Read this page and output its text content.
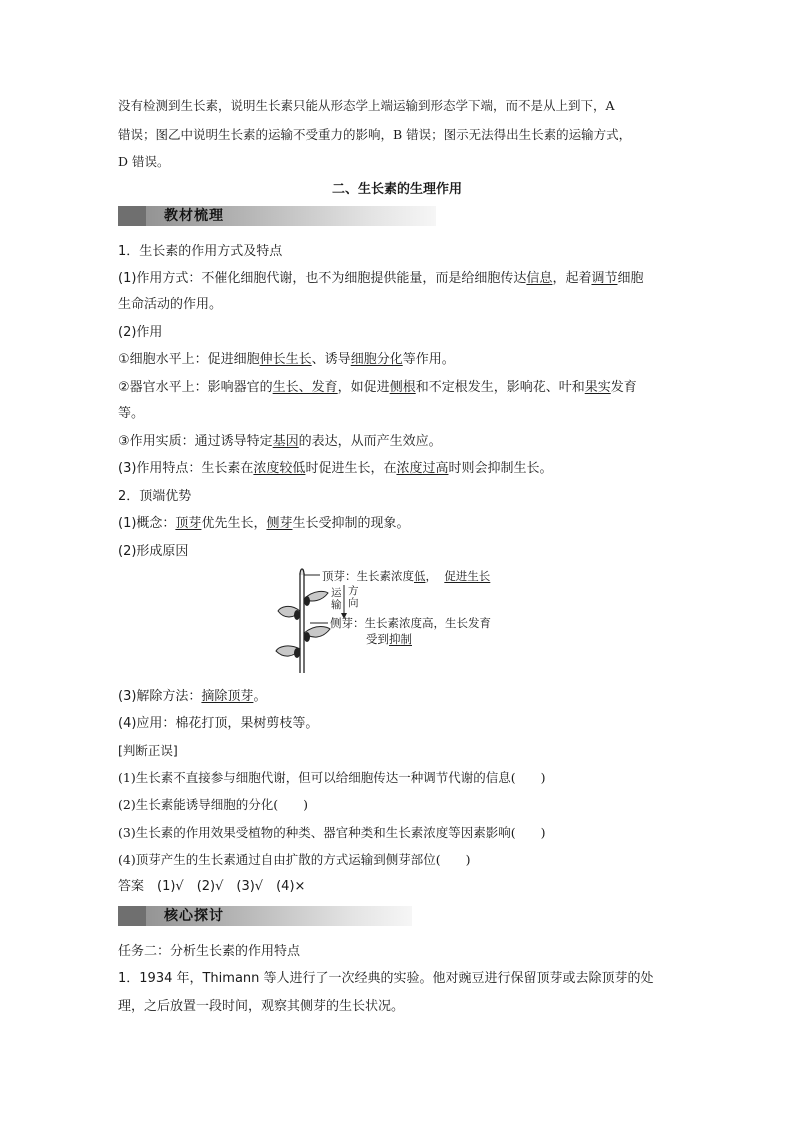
没有检测到生长素，说明生长素只能从形态学上端运输到形态学下端，而不是从上到下，A
错误；图乙中说明生长素的运输不受重力的影响，B 错误；图示无法得出生长素的运输方式，
D 错误。
二、生长素的生理作用
教材梳理
1．生长素的作用方式及特点
(1)作用方式：不催化细胞代谢，也不为细胞提供能量，而是给细胞传达信息，起着调节细胞
生命活动的作用。
(2)作用
①细胞水平上：促进细胞伸长生长、诱导细胞分化等作用。
②器官水平上：影响器官的生长、发育，如促进侧根和不定根发生，影响花、叶和果实发育
等。
③作用实质：通过诱导特定基因的表达，从而产生效应。
(3)作用特点：生长素在浓度较低时促进生长，在浓度过高时则会抑制生长。
2．顶端优势
(1)概念：顶芽优先生长，侧芽生长受抑制的现象。
(2)形成原因
顶芽：生长素浓度低， 促进生长
运输
方向
侧芽：生长素浓度高，生长发育
受到抑制
(3)解除方法：摘除顶芽。
(4)应用：棉花打顶，果树剪枝等。
[判断正误]
(1)生长素不直接参与细胞代谢，但可以给细胞传达一种调节代谢的信息(　　)
(2)生长素能诱导细胞的分化(　　)
(3)生长素的作用效果受植物的种类、器官种类和生长素浓度等因素影响(　　)
(4)顶芽产生的生长素通过自由扩散的方式运输到侧芽部位(　　)
答案　(1)√　(2)√　(3)√　(4)×
核心探讨
任务二：分析生长素的作用特点
1．1934 年，Thimann 等人进行了一次经典的实验。他对豌豆进行保留顶芽或去除顶芽的处
理，之后放置一段时间，观察其侧芽的生长状况。
